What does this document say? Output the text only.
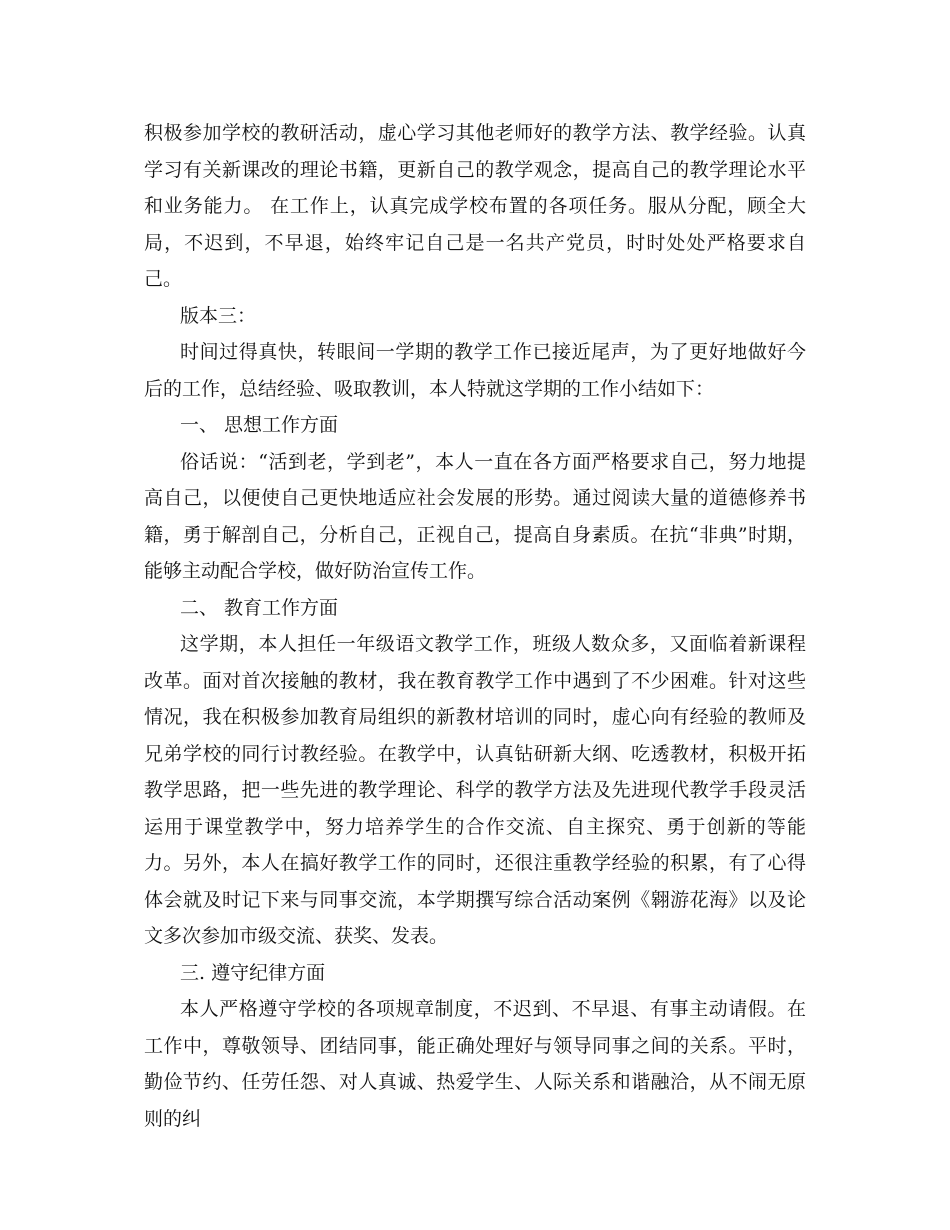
积极参加学校的教研活动，虚心学习其他老师好的教学方法、教学经验。认真学习有关新课改的理论书籍，更新自己的教学观念，提高自己的教学理论水平和业务能力。 在工作上，认真完成学校布置的各项任务。服从分配，顾全大局，不迟到，不早退，始终牢记自己是一名共产党员，时时处处严格要求自己。

版本三：

时间过得真快，转眼间一学期的教学工作已接近尾声，为了更好地做好今后的工作，总结经验、吸取教训，本人特就这学期的工作小结如下：

一、 思想工作方面

俗话说：“活到老，学到老”，本人一直在各方面严格要求自己，努力地提高自己，以便使自己更快地适应社会发展的形势。通过阅读大量的道德修养书籍，勇于解剖自己，分析自己，正视自己，提高自身素质。在抗“非典”时期，能够主动配合学校，做好防治宣传工作。

二、 教育工作方面

这学期，本人担任一年级语文教学工作，班级人数众多，又面临着新课程改革。面对首次接触的教材，我在教育教学工作中遇到了不少困难。针对这些情况，我在积极参加教育局组织的新教材培训的同时，虚心向有经验的教师及兄弟学校的同行讨教经验。在教学中，认真钻研新大纲、吃透教材，积极开拓教学思路，把一些先进的教学理论、科学的教学方法及先进现代教学手段灵活运用于课堂教学中，努力培养学生的合作交流、自主探究、勇于创新的等能力。另外，本人在搞好教学工作的同时，还很注重教学经验的积累，有了心得体会就及时记下来与同事交流，本学期撰写综合活动案例《翱游花海》以及论文多次参加市级交流、获奖、发表。

三. 遵守纪律方面

本人严格遵守学校的各项规章制度，不迟到、不早退、有事主动请假。在工作中，尊敬领导、团结同事，能正确处理好与领导同事之间的关系。平时，勤俭节约、任劳任怨、对人真诚、热爱学生、人际关系和谐融洽，从不闹无原则的纠
